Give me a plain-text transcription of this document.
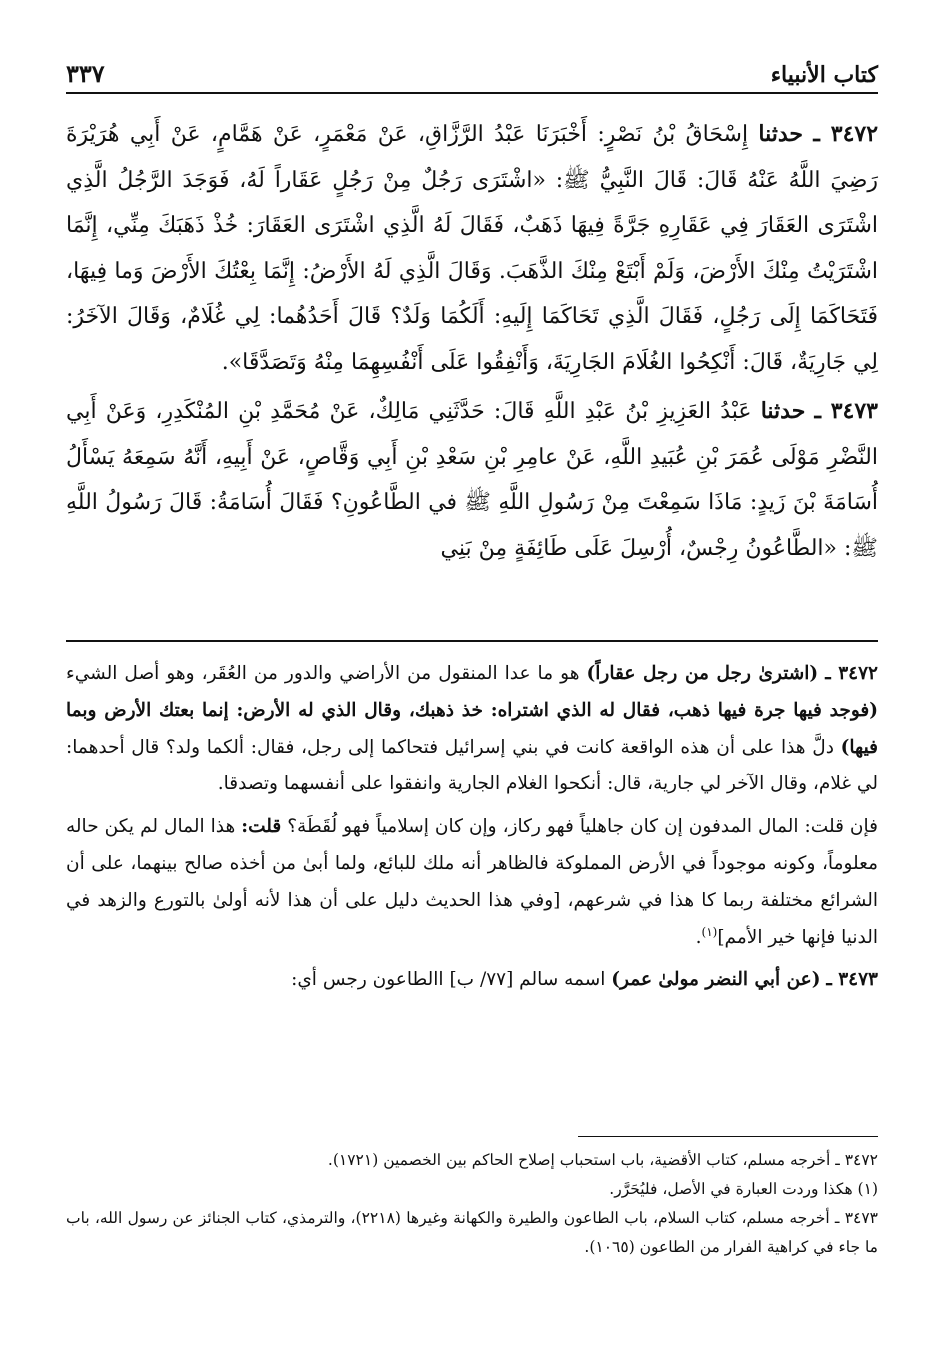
كتاب الأنبياء
٣٣٧

٣٤٧٢ ـ حدثنا إِسْحَاقُ بْنُ نَصْرٍ: أَخْبَرَنَا عَبْدُ الرَّزَّاقِ، عَنْ مَعْمَرٍ، عَنْ هَمَّامٍ، عَنْ أَبِي هُرَيْرَةَ رَضِيَ اللَّهُ عَنْهُ قَالَ: قَالَ النَّبِيُّ ﷺ: «اشْتَرَى رَجُلٌ مِنْ رَجُلٍ عَقَاراً لَهُ، فَوَجَدَ الرَّجُلُ الَّذِي اشْتَرَى العَقَارَ فِي عَقَارِهِ جَرَّةً فِيهَا ذَهَبٌ، فَقَالَ لَهُ الَّذِي اشْتَرَى العَقَارَ: خُذْ ذَهَبَكَ مِنِّي، إِنَّمَا اشْتَرَيْتُ مِنْكَ الأَرْضَ، وَلَمْ أَبْتَعْ مِنْكَ الذَّهَبَ. وَقَالَ الَّذِي لَهُ الأَرْضُ: إِنَّمَا بِعْتُكَ الأَرْضَ وَما فِيهَا، فَتَحَاكَمَا إِلَى رَجُلٍ، فَقَالَ الَّذِي تَحَاكَمَا إِلَيهِ: أَلَكُمَا وَلَدٌ؟ قَالَ أَحَدُهُما: لِي غُلَامٌ، وَقَالَ الآخَرُ: لِي جَارِيَةٌ، قَالَ: أَنْكِحُوا الغُلَامَ الجَارِيَةَ، وَأَنْفِقُوا عَلَى أَنْفُسِهِمَا مِنْهُ وَتَصَدَّقَا».

٣٤٧٣ ـ حدثنا عَبْدُ العَزِيزِ بْنُ عَبْدِ اللَّهِ قَالَ: حَدَّثَنِي مَالِكٌ، عَنْ مُحَمَّدِ بْنِ المُنْكَدِرِ، وَعَنْ أَبِي النَّضْرِ مَوْلَى عُمَرَ بْنِ عُبَيدِ اللَّهِ، عَنْ عامِرِ بْنِ سَعْدِ بْنِ أَبِي وَقَّاصٍ، عَنْ أَبِيهِ، أَنَّهُ سَمِعَهُ يَسْأَلُ أُسَامَةَ بْنَ زَيدٍ: مَاذَا سَمِعْتَ مِنْ رَسُولِ اللَّهِ ﷺ في الطَّاعُونِ؟ فَقَالَ أُسَامَةُ: قَالَ رَسُولُ اللَّهِ ﷺ: «الطَّاعُونُ رِجْسٌ، أُرْسِلَ عَلَى طَائِفَةٍ مِنْ بَنِي

٣٤٧٢ ـ (اشترىٰ رجل من رجل عقاراً) هو ما عدا المنقول من الأراضي والدور من العُقَر، وهو أصل الشيء (فوجد فيها جرة فيها ذهب، فقال له الذي اشتراه: خذ ذهبك، وقال الذي له الأرض: إنما بعتك الأرض وبما فيها) دلَّ هذا على أن هذه الواقعة كانت في بني إسرائيل فتحاكما إلى رجل، فقال: ألكما ولد؟ قال أحدهما: لي غلام، وقال الآخر لي جارية، قال: أنكحوا الغلام الجارية وانفقوا على أنفسهما وتصدقا.

فإن قلت: المال المدفون إن كان جاهلياً فهو ركاز، وإن كان إسلامياً فهو لُقَطَة؟ قلت: هذا المال لم يكن حاله معلوماً، وكونه موجوداً في الأرض المملوكة فالظاهر أنه ملك للبائع، ولما أبىٰ من أخذه صالح بينهما، على أن الشرائع مختلفة ربما كا هذا في شرعهم، [وفي هذا الحديث دليل على أن هذا لأنه أولىٰ بالتورع والزهد في الدنيا فإنها خير الأمم]$^{(١)}$.

٣٤٧٣ ـ (عن أبي النضر مولىٰ عمر) اسمه سالم [٧٧/ ب] االطاعون رجس أي:

٣٤٧٢ ـ أخرجه مسلم، كتاب الأقضية، باب استحباب إصلاح الحاكم بين الخصمين (١٧٢١).

(١) هكذا وردت العبارة في الأصل، فليُحَرَّر.

٣٤٧٣ ـ أخرجه مسلم، كتاب السلام، باب الطاعون والطيرة والكهانة وغيرها (٢٢١٨)، والترمذي، كتاب الجنائز عن رسول الله، باب ما جاء في كراهية الفرار من الطاعون (١٠٦٥).
